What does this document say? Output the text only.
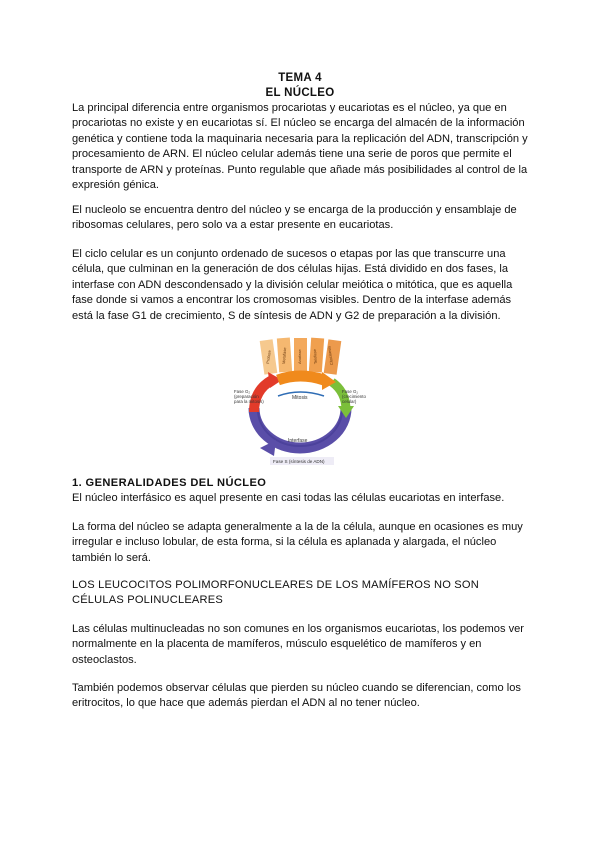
TEMA 4
EL NÚCLEO

La principal diferencia entre organismos procariotas y eucariotas es el núcleo, ya que en procariotas no existe y en eucariotas sí. El núcleo se encarga del almacén de la información genética y contiene toda la maquinaria necesaria para la replicación del ADN, transcripción y procesamiento de ARN. El núcleo celular además tiene una serie de poros que permite el transporte de ARN y proteínas. Punto regulable que añade más posibilidades al control de la expresión génica.

El nucleolo se encuentra dentro del núcleo y se encarga de la producción y ensamblaje de ribosomas celulares, pero solo va a estar presente en eucariotas.

El ciclo celular es un conjunto ordenado de sucesos o etapas por las que transcurre una célula, que culminan en la generación de dos células hijas. Está dividido en dos fases, la interfase con ADN descondensado y la división celular meiótica o mitótica, que es aquella fase donde si vamos a encontrar los cromosomas visibles. Dentro de la interfase además está la fase G1 de crecimiento, S de síntesis de ADN y G2 de preparación a la división.

Profase Metafase Anafase Telofase Citocinesis
Mitosis
Fase G₂ (preparación para la mitosis)
Fase G₁ (crecimiento celular)
Interfase
Fase S (síntesis de ADN)

1. GENERALIDADES DEL NÚCLEO

El núcleo interfásico es aquel presente en casi todas las células eucariotas en interfase.

La forma del núcleo se adapta generalmente a la de la célula, aunque en ocasiones es muy irregular e incluso lobular, de esta forma, si la célula es aplanada y alargada, el núcleo también lo será.

LOS LEUCOCITOS POLIMORFONUCLEARES DE LOS MAMÍFEROS NO SON CÉLULAS POLINUCLEARES

Las células multinucleadas no son comunes en los organismos eucariotas, los podemos ver normalmente en la placenta de mamíferos, músculo esquelético de mamíferos y en osteoclastos.

También podemos observar células que pierden su núcleo cuando se diferencian, como los eritrocitos, lo que hace que además pierdan el ADN al no tener núcleo.
